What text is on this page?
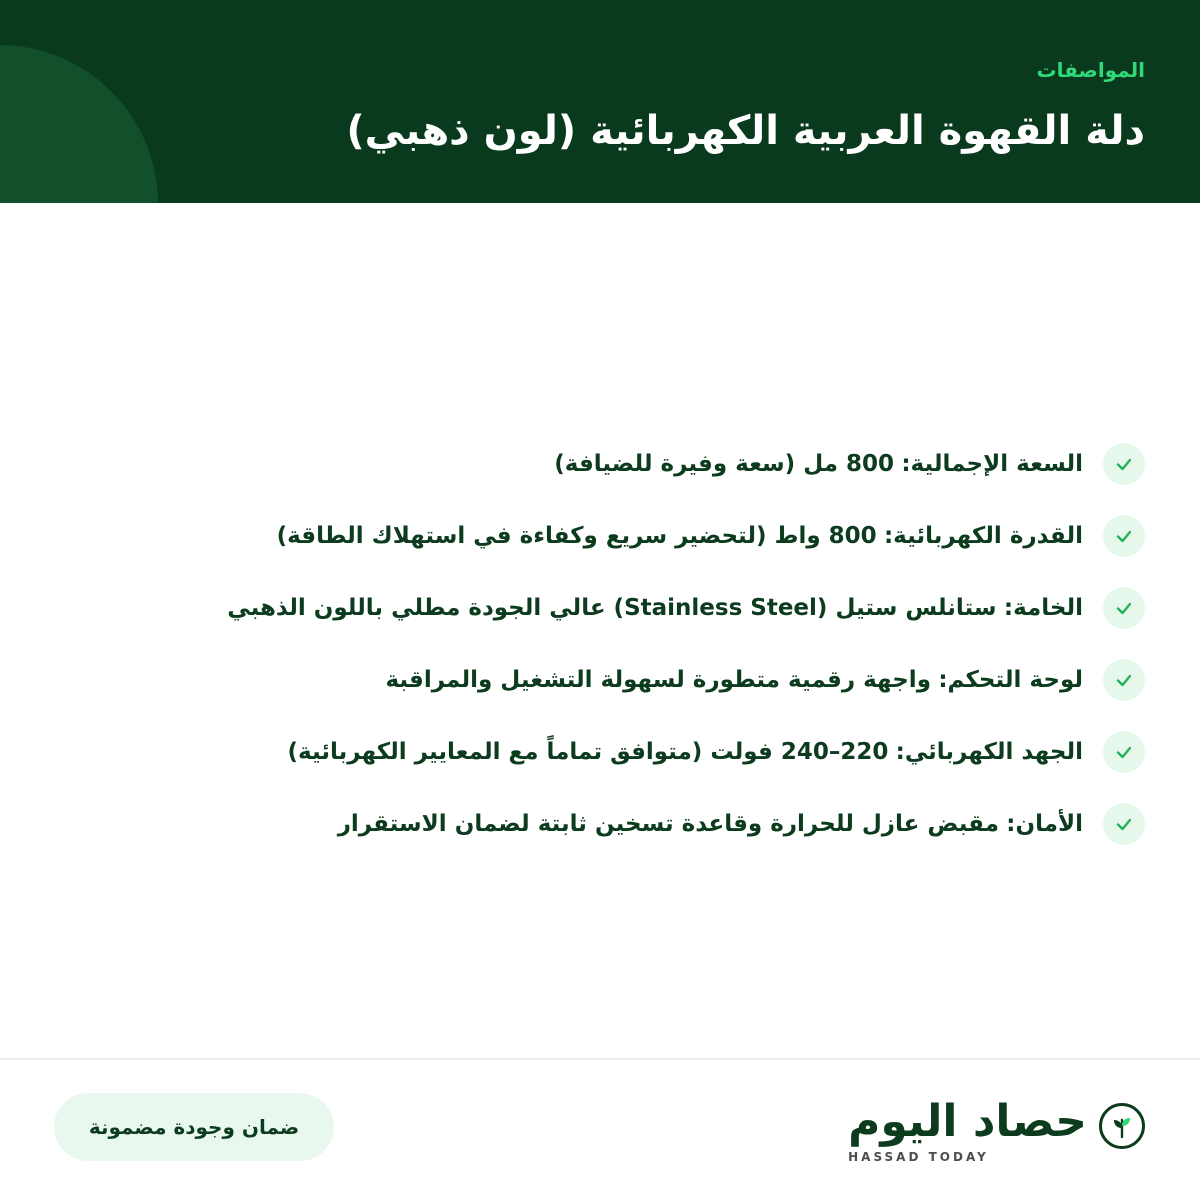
المواصفات
دلة القهوة العربية الكهربائية (لون ذهبي)
السعة الإجمالية: 800 مل (سعة وفيرة للضيافة)
القدرة الكهربائية: 800 واط (لتحضير سريع وكفاءة في استهلاك الطاقة)
الخامة: ستانلس ستيل (Stainless Steel) عالي الجودة مطلي باللون الذهبي
لوحة التحكم: واجهة رقمية متطورة لسهولة التشغيل والمراقبة
الجهد الكهربائي: 220–240 فولت (متوافق تماماً مع المعايير الكهربائية)
الأمان: مقبض عازل للحرارة وقاعدة تسخين ثابتة لضمان الاستقرار
ضمان وجودة مضمونة	حصاد اليوم
HASSAD TODAY
